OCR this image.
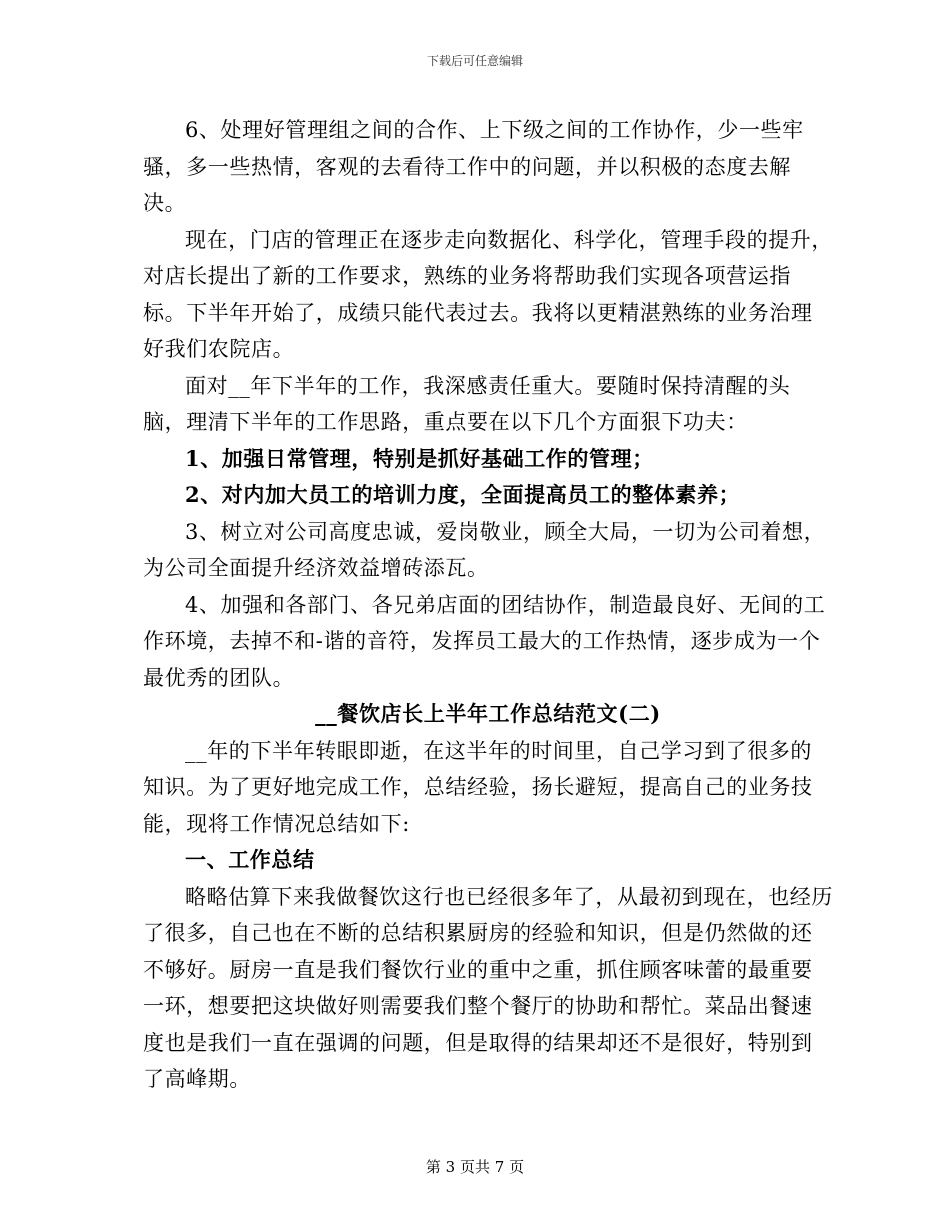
下载后可任意编辑

6、处理好管理组之间的合作、上下级之间的工作协作，少一些牢骚，多一些热情，客观的去看待工作中的问题，并以积极的态度去解决。

现在，门店的管理正在逐步走向数据化、科学化，管理手段的提升，对店长提出了新的工作要求，熟练的业务将帮助我们实现各项营运指标。下半年开始了，成绩只能代表过去。我将以更精湛熟练的业务治理好我们农院店。

面对__年下半年的工作，我深感责任重大。要随时保持清醒的头脑，理清下半年的工作思路，重点要在以下几个方面狠下功夫：

1、加强日常管理，特别是抓好基础工作的管理；

2、对内加大员工的培训力度，全面提高员工的整体素养；

3、树立对公司高度忠诚，爱岗敬业，顾全大局，一切为公司着想，为公司全面提升经济效益增砖添瓦。

4、加强和各部门、各兄弟店面的团结协作，制造最良好、无间的工作环境，去掉不和-谐的音符，发挥员工最大的工作热情，逐步成为一个最优秀的团队。

__餐饮店长上半年工作总结范文(二)

__年的下半年转眼即逝，在这半年的时间里，自己学习到了很多的知识。为了更好地完成工作，总结经验，扬长避短，提高自己的业务技能，现将工作情况总结如下:

一、工作总结

略略估算下来我做餐饮这行也已经很多年了，从最初到现在，也经历了很多，自己也在不断的总结积累厨房的经验和知识，但是仍然做的还不够好。厨房一直是我们餐饮行业的重中之重，抓住顾客味蕾的最重要一环，想要把这块做好则需要我们整个餐厅的协助和帮忙。菜品出餐速度也是我们一直在强调的问题，但是取得的结果却还不是很好，特别到了高峰期。

第 3 页共 7 页
